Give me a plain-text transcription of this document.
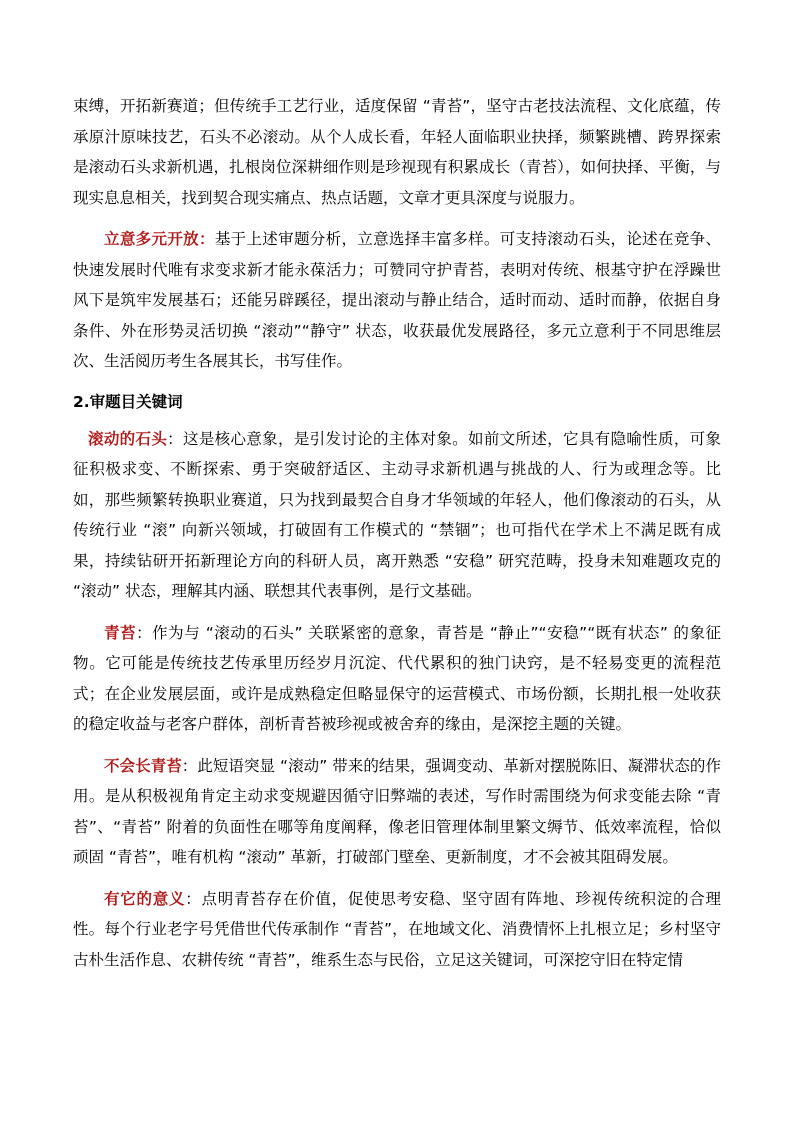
束缚，开拓新赛道；但传统手工艺行业，适度保留 “青苔”，坚守古老技法流程、文化底蕴，传承原汁原味技艺，石头不必滚动。从个人成长看，年轻人面临职业抉择，频繁跳槽、跨界探索是滚动石头求新机遇，扎根岗位深耕细作则是珍视现有积累成长（青苔），如何抉择、平衡，与现实息息相关，找到契合现实痛点、热点话题，文章才更具深度与说服力。

立意多元开放：基于上述审题分析，立意选择丰富多样。可支持滚动石头，论述在竞争、快速发展时代唯有求变求新才能永葆活力；可赞同守护青苔，表明对传统、根基守护在浮躁世风下是筑牢发展基石；还能另辟蹊径，提出滚动与静止结合，适时而动、适时而静，依据自身条件、外在形势灵活切换 “滚动”“静守” 状态，收获最优发展路径，多元立意利于不同思维层次、生活阅历考生各展其长，书写佳作。

2.审题目关键词

滚动的石头：这是核心意象，是引发讨论的主体对象。如前文所述，它具有隐喻性质，可象征积极求变、不断探索、勇于突破舒适区、主动寻求新机遇与挑战的人、行为或理念等。比如，那些频繁转换职业赛道，只为找到最契合自身才华领域的年轻人，他们像滚动的石头，从传统行业 “滚” 向新兴领域，打破固有工作模式的 “禁锢”；也可指代在学术上不满足既有成果，持续钻研开拓新理论方向的科研人员，离开熟悉 “安稳” 研究范畴，投身未知难题攻克的 “滚动” 状态，理解其内涵、联想其代表事例，是行文基础。

青苔：作为与 “滚动的石头” 关联紧密的意象，青苔是 “静止”“安稳”“既有状态” 的象征物。它可能是传统技艺传承里历经岁月沉淀、代代累积的独门诀窍，是不轻易变更的流程范式；在企业发展层面，或许是成熟稳定但略显保守的运营模式、市场份额，长期扎根一处收获的稳定收益与老客户群体，剖析青苔被珍视或被舍弃的缘由，是深挖主题的关键。

不会长青苔：此短语突显 “滚动” 带来的结果，强调变动、革新对摆脱陈旧、凝滞状态的作用。是从积极视角肯定主动求变规避因循守旧弊端的表述，写作时需围绕为何求变能去除 “青苔”、“青苔” 附着的负面性在哪等角度阐释，像老旧管理体制里繁文缛节、低效率流程，恰似顽固 “青苔”，唯有机构 “滚动” 革新，打破部门壁垒、更新制度，才不会被其阻碍发展。

有它的意义：点明青苔存在价值，促使思考安稳、坚守固有阵地、珍视传统积淀的合理性。每个行业老字号凭借世代传承制作 “青苔”，在地域文化、消费情怀上扎根立足；乡村坚守古朴生活作息、农耕传统 “青苔”，维系生态与民俗，立足这关键词，可深挖守旧在特定情
